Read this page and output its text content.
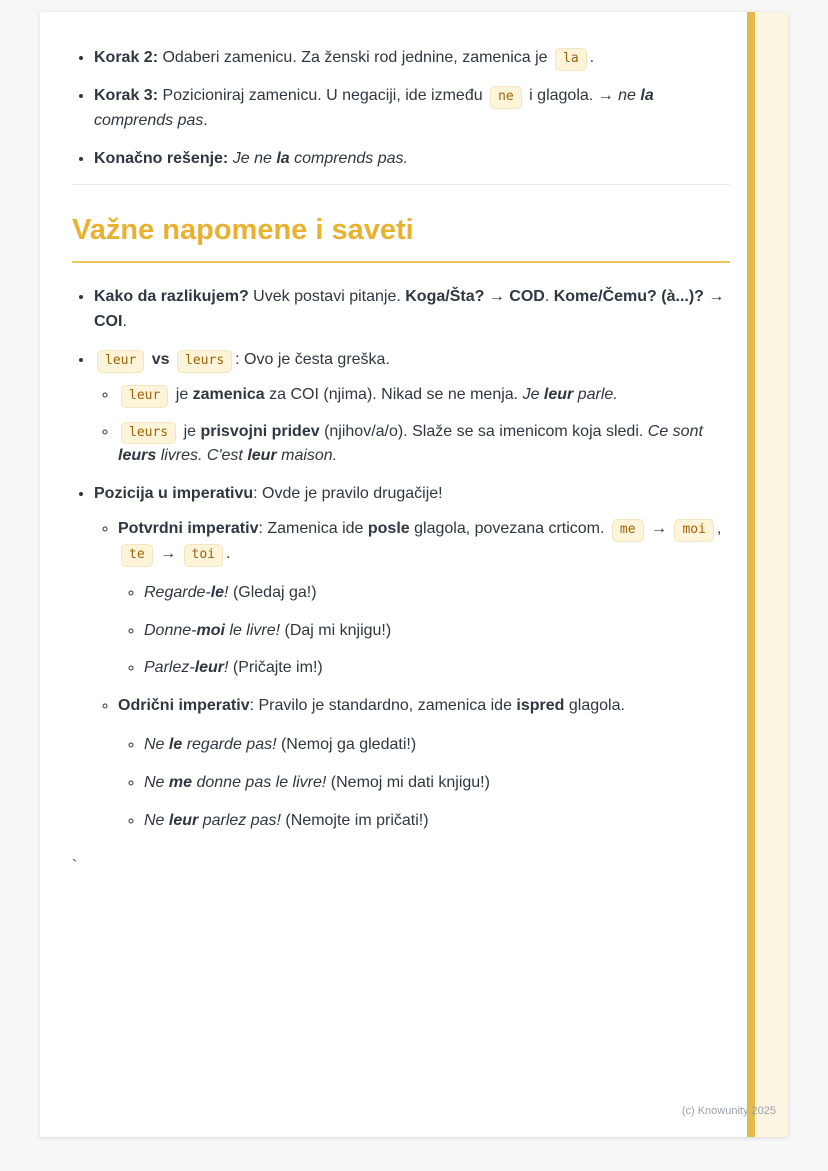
• Korak 2: Odaberi zamenicu. Za ženski rod jednine, zamenica je la .
• Korak 3: Pozicioniraj zamenicu. U negaciji, ide između ne i glagola. → ne la comprends pas.
• Konačno rešenje: Je ne la comprends pas.
Važne napomene i saveti
• Kako da razlikujem? Uvek postavi pitanje. Koga/Šta? → COD. Kome/Čemu? (à...)? → COI.
• leur vs leurs : Ovo je česta greška.
◦ leur je zamenica za COI (njima). Nikad se ne menja. Je leur parle.
◦ leurs je prisvojni pridev (njihov/a/o). Slaže se sa imenicom koja sledi. Ce sont leurs livres. C'est leur maison.
• Pozicija u imperativu: Ovde je pravilo drugačije!
◦ Potvrdni imperativ: Zamenica ide posle glagola, povezana crticom. me → moi , te → toi .
◦ Regarde-le! (Gledaj ga!)
◦ Donne-moi le livre! (Daj mi knjigu!)
◦ Parlez-leur! (Pričajte im!)
◦ Odrični imperativ: Pravilo je standardno, zamenica ide ispred glagola.
◦ Ne le regarde pas! (Nemoj ga gledati!)
◦ Ne me donne pas le livre! (Nemoj mi dati knjigu!)
◦ Ne leur parlez pas! (Nemojte im pričati!)
`
(c) Knowunity 2025
